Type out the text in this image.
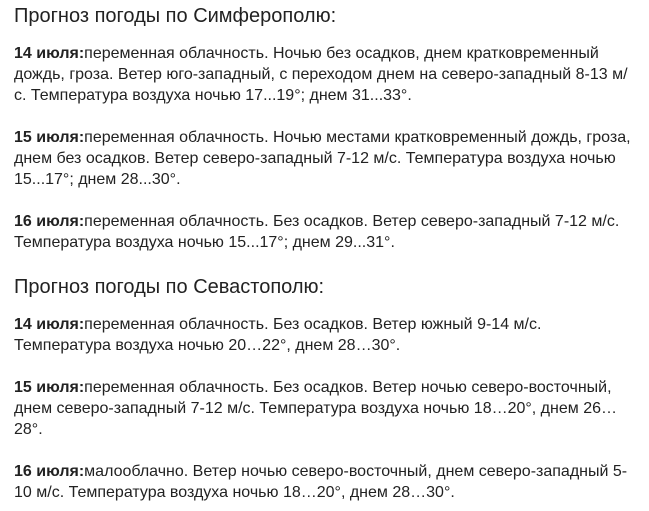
Прогноз погоды по Симферополю:

14 июля:переменная облачность. Ночью без осадков, днем кратковременный дождь, гроза. Ветер юго-западный, с переходом днем на северо-западный 8-13 м/с. Температура воздуха ночью 17...19°; днем 31...33°.

15 июля:переменная облачность. Ночью местами кратковременный дождь, гроза, днем без осадков. Ветер северо-западный 7-12 м/с. Температура воздуха ночью 15...17°; днем 28...30°.

16 июля:переменная облачность. Без осадков. Ветер северо-западный 7-12 м/с. Температура воздуха ночью 15...17°; днем 29...31°.

Прогноз погоды по Севастополю:

14 июля:переменная облачность. Без осадков. Ветер южный 9-14 м/с. Температура воздуха ночью 20…22°, днем 28…30°.

15 июля:переменная облачность. Без осадков. Ветер ночью северо-восточный, днем северо-западный 7-12 м/с. Температура воздуха ночью 18…20°, днем 26…28°.

16 июля:малооблачно. Ветер ночью северо-восточный, днем северо-западный 5-10 м/с. Температура воздуха ночью 18…20°, днем 28…30°.
